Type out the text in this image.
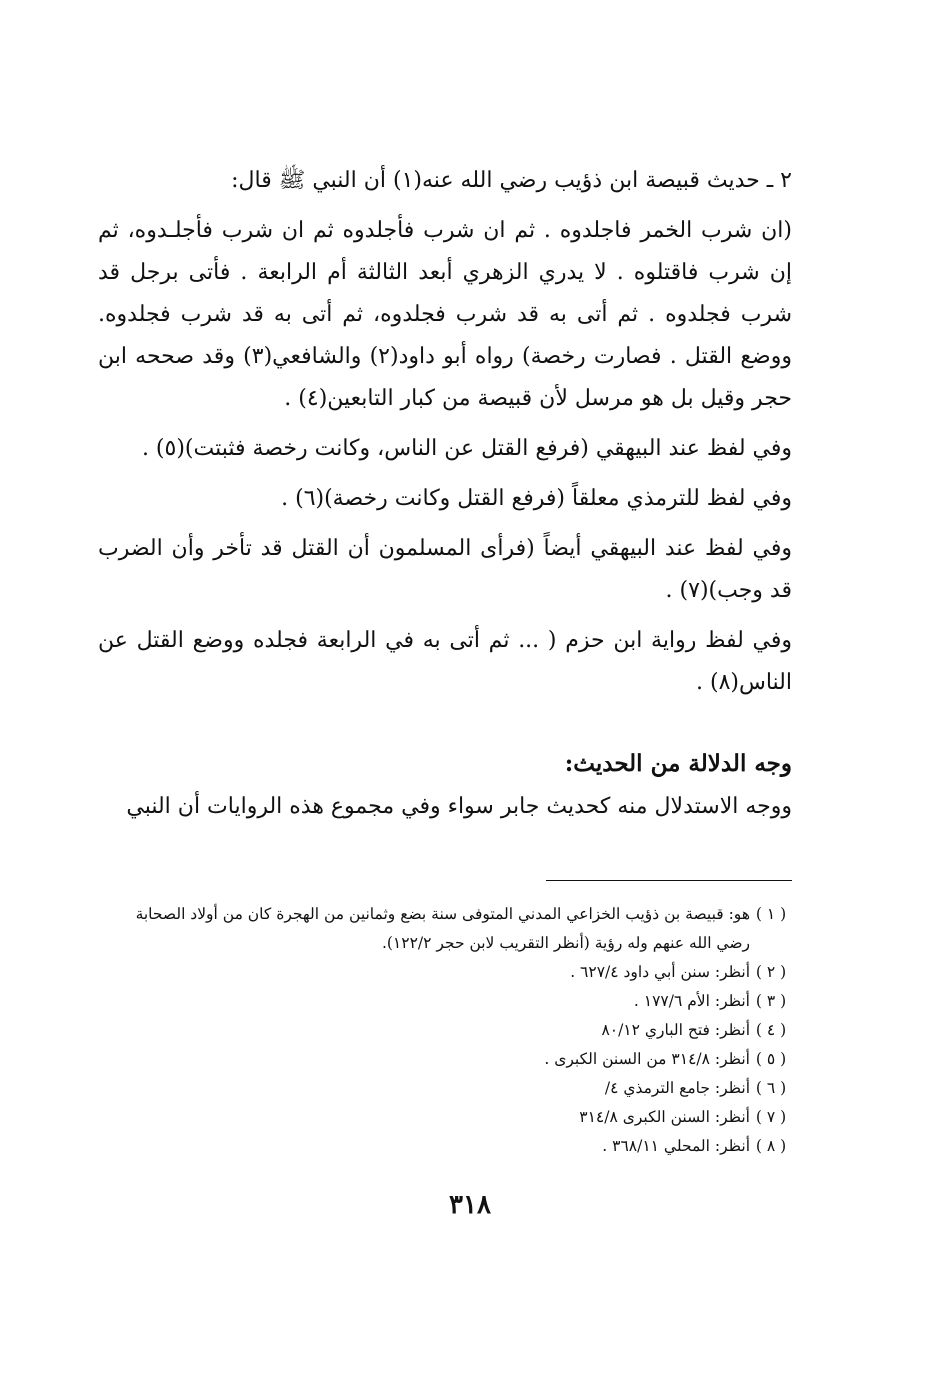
٢ ـ حديث قبيصة ابن ذؤيب رضي الله عنه(١) أن النبي ﷺ قال:

(ان شرب الخمر فاجلدوه . ثم ان شرب فأجلدوه ثم ان شرب فأجلـدوه، ثم إن شرب فاقتلوه . لا يدري الزهري أبعد الثالثة أم الرابعة . فأتى برجل قد شرب فجلدوه . ثم أتى به قد شرب فجلدوه، ثم أتى به قد شرب فجلدوه. ووضع القتل . فصارت رخصة) رواه أبو داود(٢) والشافعي(٣) وقد صححه ابن حجر وقيل بل هو مرسل لأن قبيصة من كبار التابعين(٤) .

وفي لفظ عند البيهقي (فرفع القتل عن الناس، وكانت رخصة فثبتت)(٥) .

وفي لفظ للترمذي معلقاً (فرفع القتل وكانت رخصة)(٦) .

وفي لفظ عند البيهقي أيضاً (فرأى المسلمون أن القتل قد تأخر وأن الضرب قد وجب)(٧) .

وفي لفظ رواية ابن حزم ( ... ثم أتى به في الرابعة فجلده ووضع القتل عن الناس(٨) .

وجه الدلالة من الحديث:

ووجه الاستدلال منه كحديث جابر سواء وفي مجموع هذه الروايات أن النبي

( ١ )
هو: قبيصة بن ذؤيب الخزاعي المدني المتوفى سنة بضع وثمانين من الهجرة كان من أولاد الصحابة رضي الله عنهم وله رؤية (أنظر التقريب لابن حجر ١٢٢/٢).
( ٢ )
أنظر: سنن أبي داود ٦٢٧/٤ .
( ٣ )
أنظر: الأم ١٧٧/٦ .
( ٤ )
أنظر: فتح الباري ٨٠/١٢
( ٥ )
أنظر: ٣١٤/٨ من السنن الكبرى .
( ٦ )
أنظر: جامع الترمذي ٤/
( ٧ )
أنظر: السنن الكبرى ٣١٤/٨
( ٨ )
أنظر: المحلي ٣٦٨/١١ .
٣١٨
